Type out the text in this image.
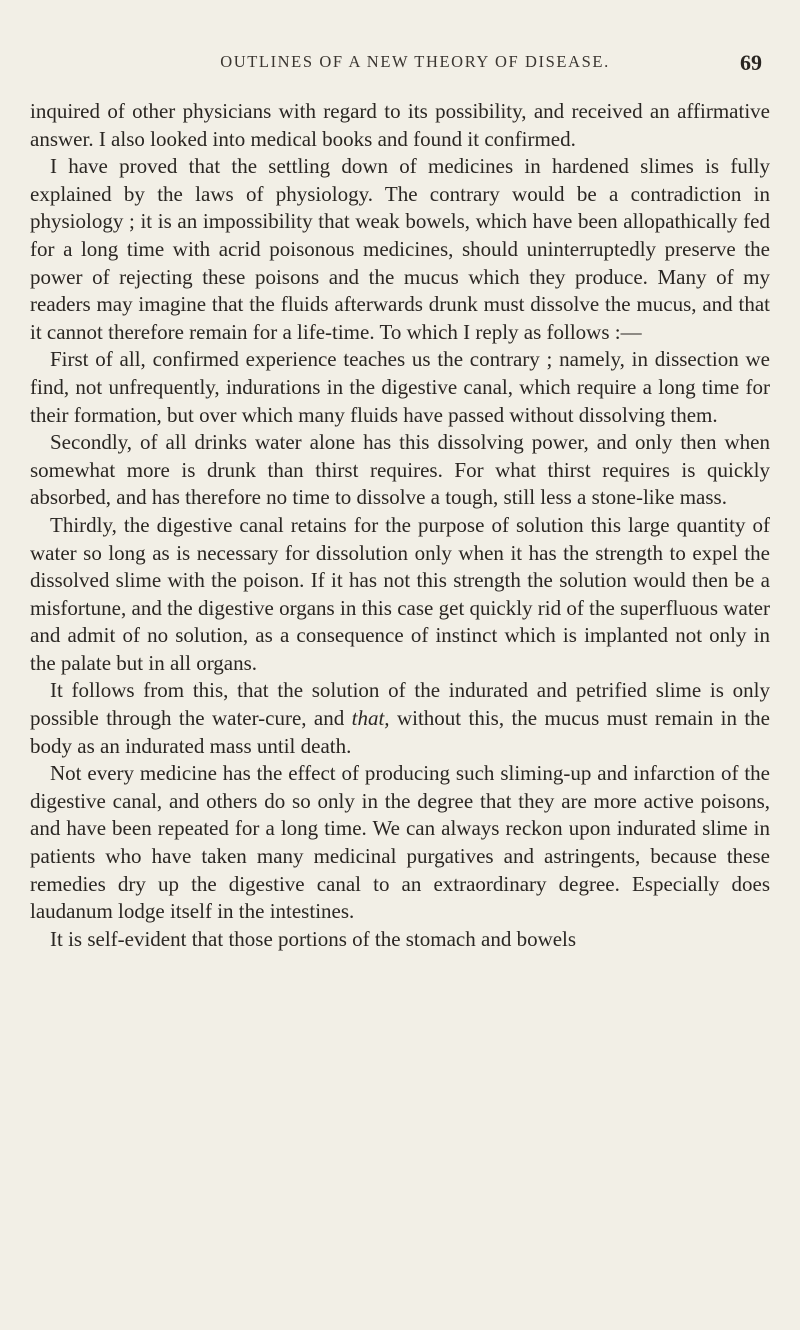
OUTLINES OF A NEW THEORY OF DISEASE.	69

inquired of other physicians with regard to its possibility, and received an affirmative answer. I also looked into medical books and found it confirmed.

I have proved that the settling down of medicines in hardened slimes is fully explained by the laws of physiology. The contrary would be a contradiction in physiology ; it is an impossibility that weak bowels, which have been allopathically fed for a long time with acrid poisonous medicines, should uninterruptedly preserve the power of rejecting these poisons and the mucus which they produce. Many of my readers may imagine that the fluids afterwards drunk must dissolve the mucus, and that it cannot therefore remain for a life-time. To which I reply as follows :—

First of all, confirmed experience teaches us the contrary ; namely, in dissection we find, not unfrequently, indurations in the digestive canal, which require a long time for their formation, but over which many fluids have passed without dissolving them.

Secondly, of all drinks water alone has this dissolving power, and only then when somewhat more is drunk than thirst requires. For what thirst requires is quickly absorbed, and has therefore no time to dissolve a tough, still less a stone-like mass.

Thirdly, the digestive canal retains for the purpose of solution this large quantity of water so long as is necessary for dissolution only when it has the strength to expel the dissolved slime with the poison. If it has not this strength the solution would then be a misfortune, and the digestive organs in this case get quickly rid of the superfluous water and admit of no solution, as a consequence of instinct which is implanted not only in the palate but in all organs.

It follows from this, that the solution of the indurated and petrified slime is only possible through the water-cure, and that, without this, the mucus must remain in the body as an indurated mass until death.

Not every medicine has the effect of producing such sliming-up and infarction of the digestive canal, and others do so only in the degree that they are more active poisons, and have been repeated for a long time. We can always reckon upon indurated slime in patients who have taken many medicinal purgatives and astringents, because these remedies dry up the digestive canal to an extraordinary degree. Especially does laudanum lodge itself in the intestines.

It is self-evident that those portions of the stomach and bowels
